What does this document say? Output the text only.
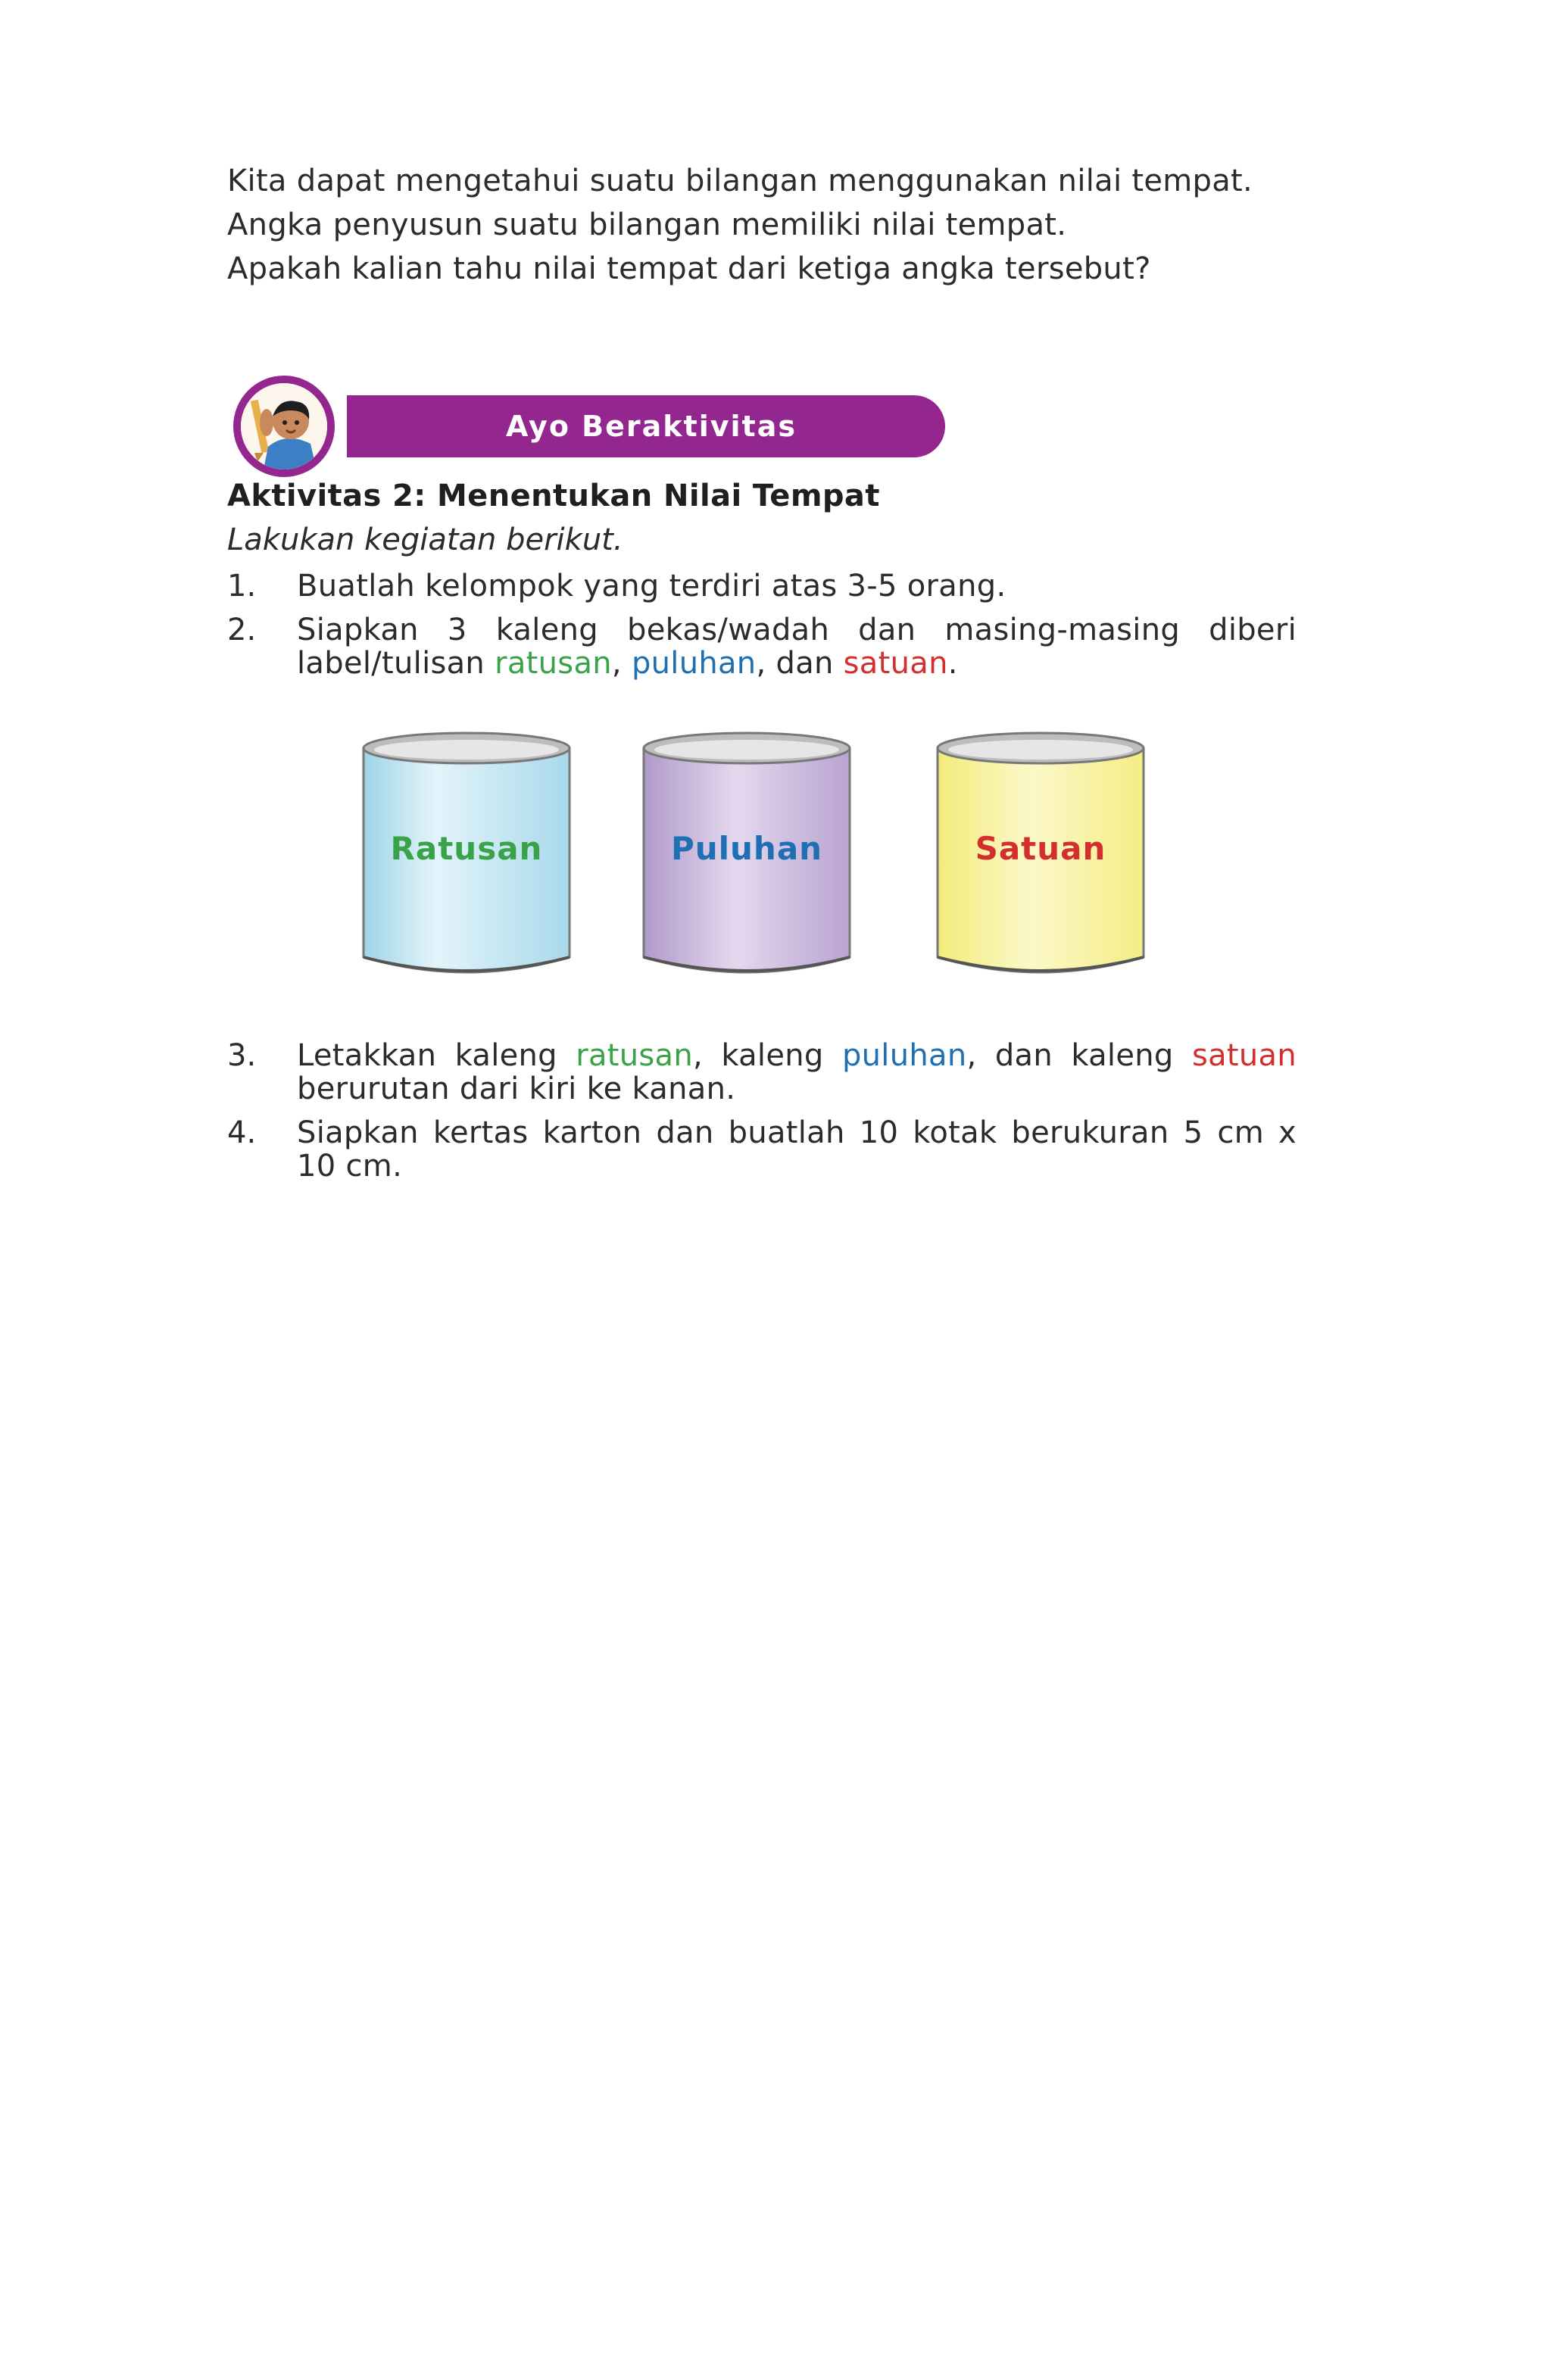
Kita dapat mengetahui suatu bilangan menggunakan nilai tempat.

Angka penyusun suatu bilangan memiliki nilai tempat.

Apakah kalian tahu nilai tempat dari ketiga angka tersebut?

Ayo Beraktivitas
Aktivitas 2: Menentukan Nilai Tempat

Lakukan kegiatan berikut.

1.	Buatlah kelompok yang terdiri atas 3-5 orang.
2.	Siapkan 3 kaleng bekas/wadah dan masing-masing diberi label/tulisan ratusan, puluhan, dan satuan.
Ratusan	Puluhan	Satuan
3.	Letakkan kaleng ratusan, kaleng puluhan, dan kaleng satuan berurutan dari kiri ke kanan.
4.	Siapkan kertas karton dan buatlah 10 kotak berukuran 5 cm x 10 cm.
